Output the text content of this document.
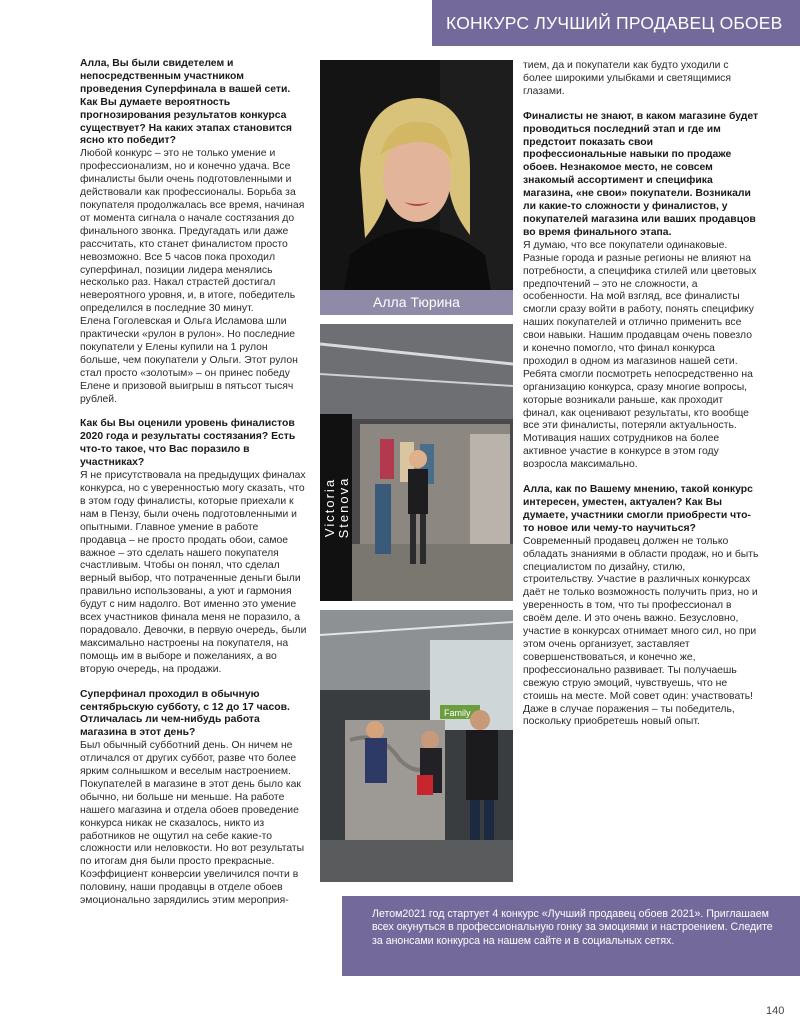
КОНКУРС ЛУЧШИЙ ПРОДАВЕЦ ОБОЕВ

Алла, Вы были свидетелем и непосредственным участником проведения Суперфинала в вашей сети. Как Вы думаете вероятность прогнозирования результатов конкурса существует? На каких этапах становится ясно кто победит?

Любой конкурс – это не только умение и профессионализм, но и конечно удача. Все финалисты были очень подготовленными и действовали как профессионалы. Борьба за покупателя продолжалась все время, начиная от момента сигнала о начале состязания до финального звонка. Предугадать или даже рассчитать, кто станет финалистом просто невозможно. Все 5 часов пока проходил суперфинал, позиции лидера менялись несколько раз. Накал страстей достигал невероятного уровня, и, в итоге, победитель определился в последние 30 минут.

Елена Гоголевская и Ольга Исламова шли практически «рулон в рулон». Но последние покупатели у Елены купили на 1 рулон больше, чем покупатели у Ольги. Этот рулон стал просто «золотым» – он принес победу Елене и призовой выигрыш в пятьсот тысяч рублей.

Как бы Вы оценили уровень финалистов 2020 года и результаты состязания? Есть что-то такое, что Вас поразило в участниках?

Я не присутствовала на предыдущих финалах конкурса, но с уверенностью могу сказать, что в этом году финалисты, которые приехали к нам в Пензу, были очень подготовленными и опытными. Главное умение в работе продавца – не просто продать обои, самое важное – это сделать нашего покупателя счастливым. Чтобы он понял, что сделал верный выбор, что потраченные деньги были правильно использованы, а уют и гармония будут с ним надолго. Вот именно это умение всех участников финала меня не поразило, а порадовало. Девочки, в первую очередь, были максимально настроены на покупателя, на помощь им в выборе и пожеланиях, а во вторую очередь, на продажи.

Суперфинал проходил в обычную сентябрьскую субботу, с 12 до 17 часов. Отличалась ли чем-нибудь работа магазина в этот день?

Был обычный субботний день. Он ничем не отличался от других суббот, разве что более ярким солнышком и веселым настроением. Покупателей в магазине в этот день было как обычно, ни больше ни меньше. На работе нашего магазина и отдела обоев проведение конкурса никак не сказалось, никто из работников не ощутил на себе какие-то сложности или неловкости. Но вот результаты по итогам дня были просто прекрасные. Коэффициент конверсии увеличился почти в половину, наши продавцы в отделе обоев эмоционально зарядились этим мероприя-

Алла Тюрина
Victoria Stenova
Family

тием, да и покупатели как будто уходили с более широкими улыбками и светящимися глазами.

Финалисты не знают, в каком магазине будет проводиться последний этап и где им предстоит показать свои профессиональные навыки по продаже обоев. Незнакомое место, не совсем знакомый ассортимент и специфика магазина, «не свои» покупатели. Возникали ли какие-то сложности у финалистов, у покупателей магазина или ваших продавцов во время финального этапа.

Я думаю, что все покупатели одинаковые. Разные города и разные регионы не влияют на потребности, а специфика стилей или цветовых предпочтений – это не сложности, а особенности. На мой взгляд, все финалисты смогли сразу войти в работу, понять специфику наших покупателей и отлично применить все свои навыки. Нашим продавцам очень повезло и конечно помогло, что финал конкурса проходил в одном из магазинов нашей сети. Ребята смогли посмотреть непосредственно на организацию конкурса, сразу многие вопросы, которые возникали раньше, как проходит финал, как оценивают результаты, кто вообще все эти финалисты, потеряли актуальность. Мотивация наших сотрудников на более активное участие в конкурсе в этом году возросла максимально.

Алла, как по Вашему мнению, такой конкурс интересен, уместен, актуален? Как Вы думаете, участники смогли приобрести что-то новое или чему-то научиться?

Современный продавец должен не только обладать знаниями в области продаж, но и быть специалистом по дизайну, стилю, строительству. Участие в различных конкурсах даёт не только возможность получить приз, но и уверенность в том, что ты профессионал в своём деле. И это очень важно. Безусловно, участие в конкурсах отнимает много сил, но при этом очень организует, заставляет совершенствоваться, и конечно же, профессионально развивает. Ты получаешь свежую струю эмоций, чувствуешь, что не стоишь на месте. Мой совет один: участвовать! Даже в случае поражения – ты победитель, поскольку приобретешь новый опыт.

Летом2021 год стартует 4 конкурс «Лучший продавец обоев 2021». Приглашаем всех окунуться в профессиональную гонку за эмоциями и настроением. Следите за анонсами конкурса на нашем сайте и в социальных сетях.
140
